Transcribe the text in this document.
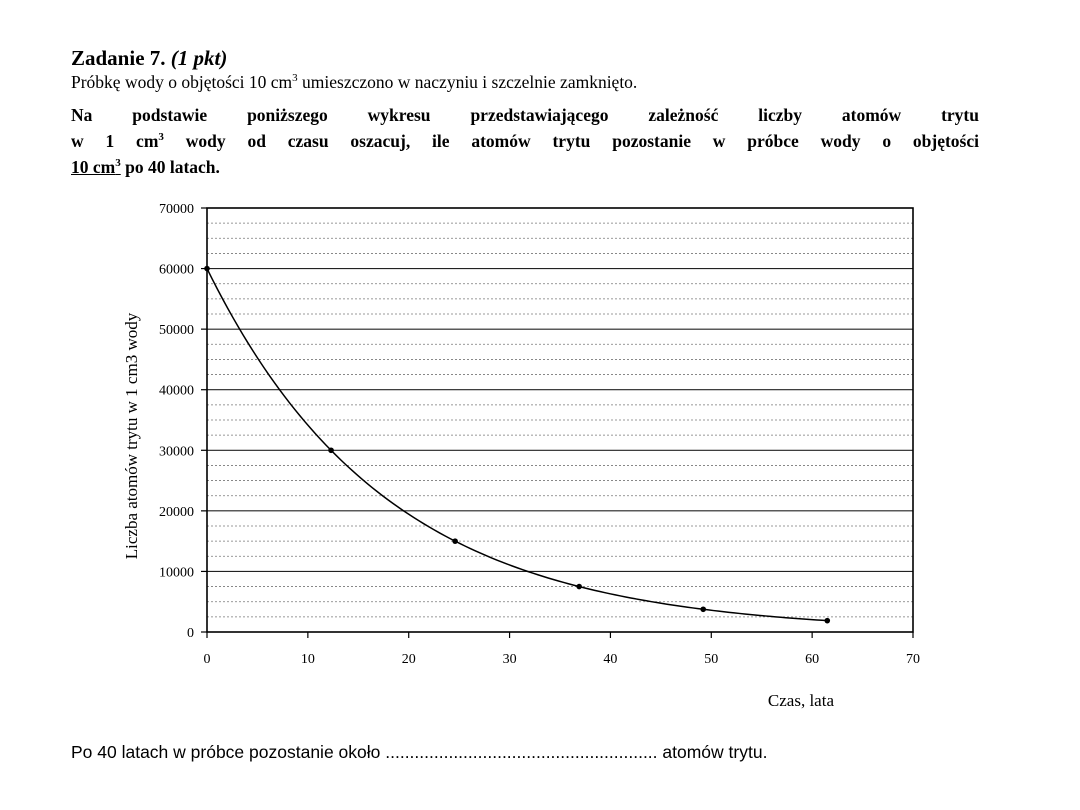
Zadanie 7. (1 pkt)
Próbkę wody o objętości 10 $cm^3$ umieszczono w naczyniu i szczelnie zamknięto.
Na podstawie poniższego wykresu przedstawiającego zależność liczby atomów trytu
w 1 $cm^3$ wody od czasu oszacuj, ile atomów trytu pozostanie w próbce wody o objętości
10 $cm^3$ po 40 latach.
0	10	20	30	40	50	60	70
0
10000
20000
30000
40000
50000
60000
70000
Czas, lata
Liczba atomów trytu w 1 cm3 wody
Po 40 latach w próbce pozostanie około ........................................................ atomów trytu.
